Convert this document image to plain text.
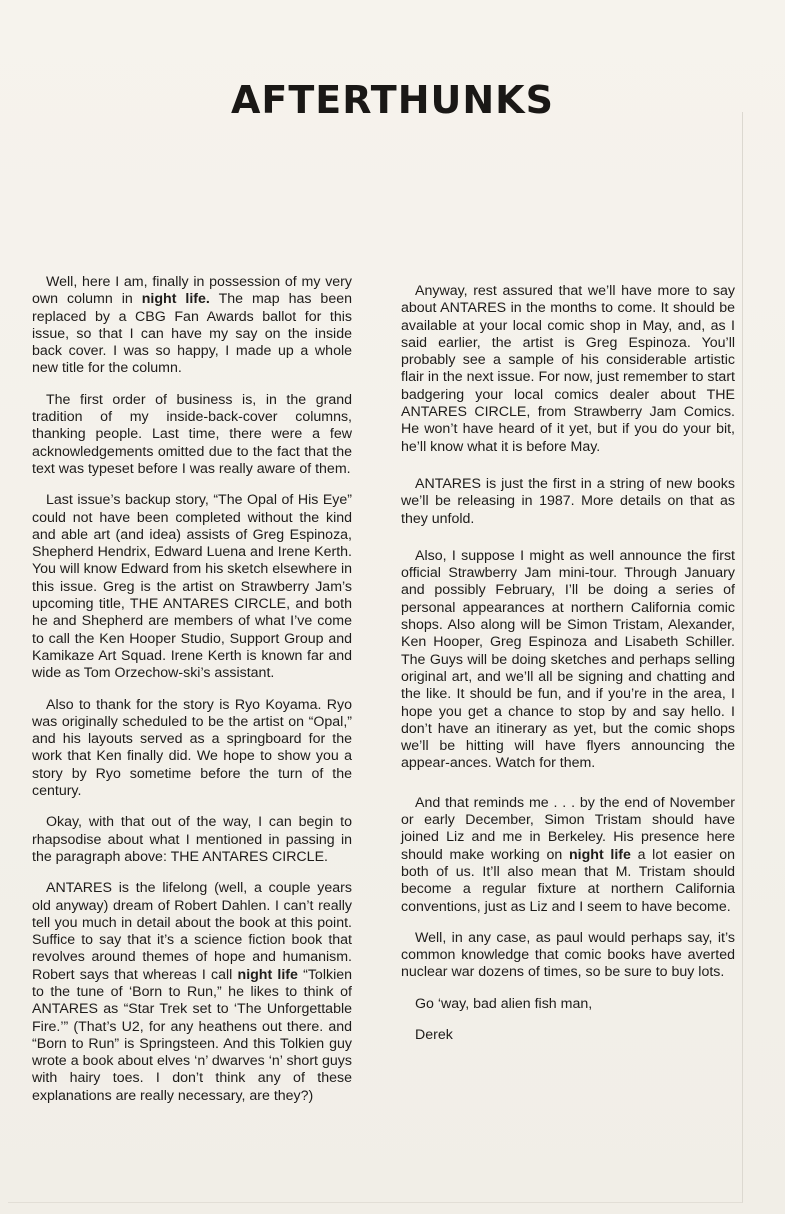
AFTERTHUNKS

Well, here I am, finally in possession of my very own column in night life. The map has been replaced by a CBG Fan Awards ballot for this issue, so that I can have my say on the inside back cover. I was so happy, I made up a whole new title for the column.

The first order of business is, in the grand tradition of my inside-back-cover columns, thanking people. Last time, there were a few acknowledgements omitted due to the fact that the text was typeset before I was really aware of them.

Last issue’s backup story, “The Opal of His Eye” could not have been completed without the kind and able art (and idea) assists of Greg Espinoza, Shepherd Hendrix, Edward Luena and Irene Kerth. You will know Edward from his sketch elsewhere in this issue. Greg is the artist on Strawberry Jam’s upcoming title, THE ANTARES CIRCLE, and both he and Shepherd are members of what I’ve come to call the Ken Hooper Studio, Support Group and Kamikaze Art Squad. Irene Kerth is known far and wide as Tom Orzechow-ski’s assistant.

Also to thank for the story is Ryo Koyama. Ryo was originally scheduled to be the artist on “Opal,” and his layouts served as a springboard for the work that Ken finally did. We hope to show you a story by Ryo sometime before the turn of the century.

Okay, with that out of the way, I can begin to rhapsodise about what I mentioned in passing in the paragraph above: THE ANTARES CIRCLE.

ANTARES is the lifelong (well, a couple years old anyway) dream of Robert Dahlen. I can’t really tell you much in detail about the book at this point. Suffice to say that it’s a science fiction book that revolves around themes of hope and humanism. Robert says that whereas I call night life “Tolkien to the tune of ‘Born to Run,” he likes to think of ANTARES as “Star Trek set to ‘The Unforgettable Fire.’” (That’s U2, for any heathens out there. and “Born to Run” is Springsteen. And this Tolkien guy wrote a book about elves ‘n’ dwarves ‘n’ short guys with hairy toes. I don’t think any of these explanations are really necessary, are they?)

Anyway, rest assured that we’ll have more to say about ANTARES in the months to come. It should be available at your local comic shop in May, and, as I said earlier, the artist is Greg Espinoza. You’ll probably see a sample of his considerable artistic flair in the next issue. For now, just remember to start badgering your local comics dealer about THE ANTARES CIRCLE, from Strawberry Jam Comics. He won’t have heard of it yet, but if you do your bit, he’ll know what it is before May.

ANTARES is just the first in a string of new books we’ll be releasing in 1987. More details on that as they unfold.

Also, I suppose I might as well announce the first official Strawberry Jam mini-tour. Through January and possibly February, I’ll be doing a series of personal appearances at northern California comic shops. Also along will be Simon Tristam, Alexander, Ken Hooper, Greg Espinoza and Lisabeth Schiller. The Guys will be doing sketches and perhaps selling original art, and we’ll all be signing and chatting and the like. It should be fun, and if you’re in the area, I hope you get a chance to stop by and say hello. I don’t have an itinerary as yet, but the comic shops we’ll be hitting will have flyers announcing the appear-ances. Watch for them.

And that reminds me . . . by the end of November or early December, Simon Tristam should have joined Liz and me in Berkeley. His presence here should make working on night life a lot easier on both of us. It’ll also mean that M. Tristam should become a regular fixture at northern California conventions, just as Liz and I seem to have become.

Well, in any case, as paul would perhaps say, it’s common knowledge that comic books have averted nuclear war dozens of times, so be sure to buy lots.

Go ‘way, bad alien fish man,

Derek
